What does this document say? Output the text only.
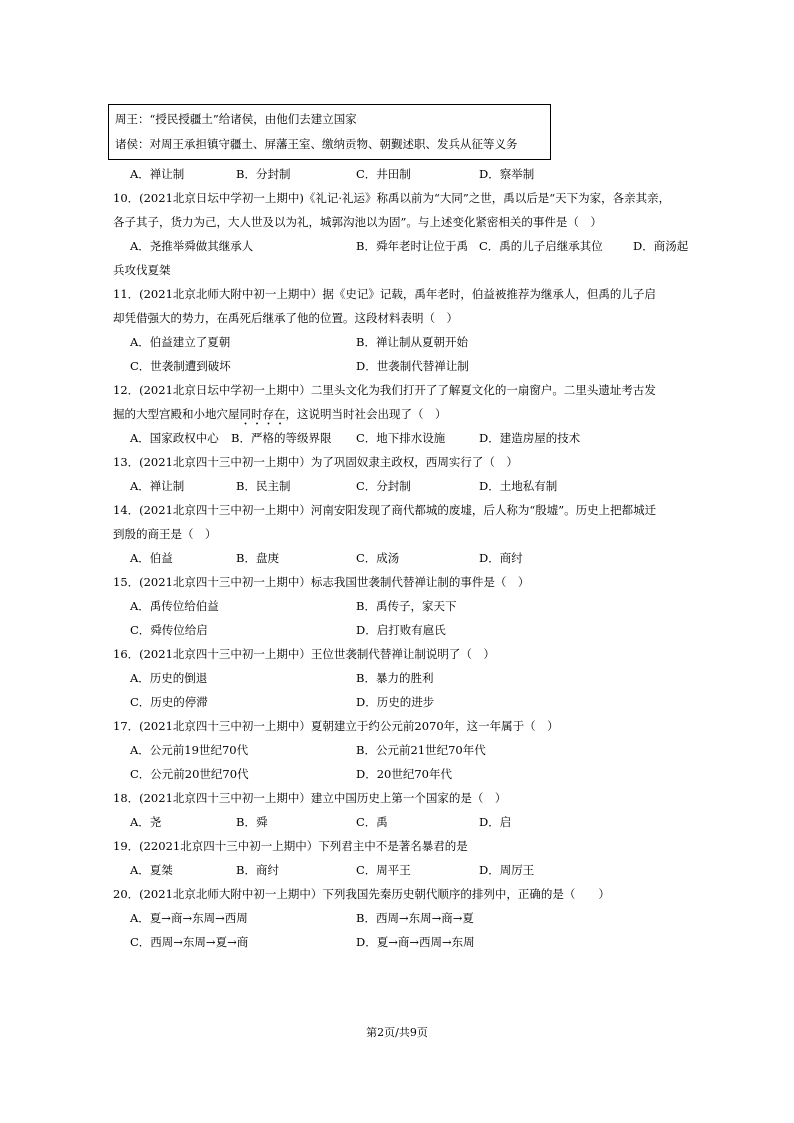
周王：“授民授疆土”给诸侯，由他们去建立国家
诸侯：对周王承担镇守疆土、屏藩王室、缴纳贡物、朝觐述职、发兵从征等义务
A．禅让制	B．分封制	C．井田制	D．察举制
10．(2021北京日坛中学初一上期中)《礼记·礼运》称禹以前为“大同”之世，禹以后是“天下为家，各亲其亲，
各子其子，货力为己，大人世及以为礼，城郭沟池以为固”。与上述变化紧密相关的事件是（　）
A．尧推举舜做其继承人	B．舜年老时让位于禹 C．禹的儿子启继承其位	D．商汤起
兵攻伐夏桀
11．(2021北京北师大附中初一上期中）据《史记》记载，禹年老时，伯益被推荐为继承人，但禹的儿子启
却凭借强大的势力，在禹死后继承了他的位置。这段材料表明（　）
A．伯益建立了夏朝	B．禅让制从夏朝开始
C．世袭制遭到破坏	D．世袭制代替禅让制
12．(2021北京日坛中学初一上期中）二里头文化为我们打开了了解夏文化的一扇窗户。二里头遗址考古发
掘的大型宫殿和小地穴屋同时存在，这说明当时社会出现了（　）
A．国家政权中心 B．严格的等级界限 C．地下排水设施	D．建造房屋的技术
13．(2021北京四十三中初一上期中）为了巩固奴隶主政权，西周实行了（　）
A．禅让制	B．民主制	C．分封制	D．土地私有制
14．(2021北京四十三中初一上期中）河南安阳发现了商代都城的废墟，后人称为“殷墟”。历史上把都城迁
到殷的商王是（　）
A．伯益	B．盘庚	C．成汤	D．商纣
15．(2021北京四十三中初一上期中）标志我国世袭制代替禅让制的事件是（　）
A．禹传位给伯益	B．禹传子，家天下
C．舜传位给启	D．启打败有扈氏
16．(2021北京四十三中初一上期中）王位世袭制代替禅让制说明了（　）
A．历史的倒退	B．暴力的胜利
C．历史的停滞	D．历史的进步
17．(2021北京四十三中初一上期中）夏朝建立于约公元前2070年，这一年属于（　）
A．公元前19世纪70代	B．公元前21世纪70年代
C．公元前20世纪70代	D．20世纪70年代
18．(2021北京四十三中初一上期中）建立中国历史上第一个国家的是（　）
A．尧	B．舜	C．禹	D．启
19．(22021北京四十三中初一上期中）下列君主中不是著名暴君的是
A．夏桀	B．商纣	C．周平王	D．周厉王
20．(2021北京北师大附中初一上期中）下列我国先秦历史朝代顺序的排列中，正确的是（　　）
A．夏→商→东周→西周	B．西周→东周→商→夏
C．西周→东周→夏→商	D．夏→商→西周→东周
第2页/共9页
